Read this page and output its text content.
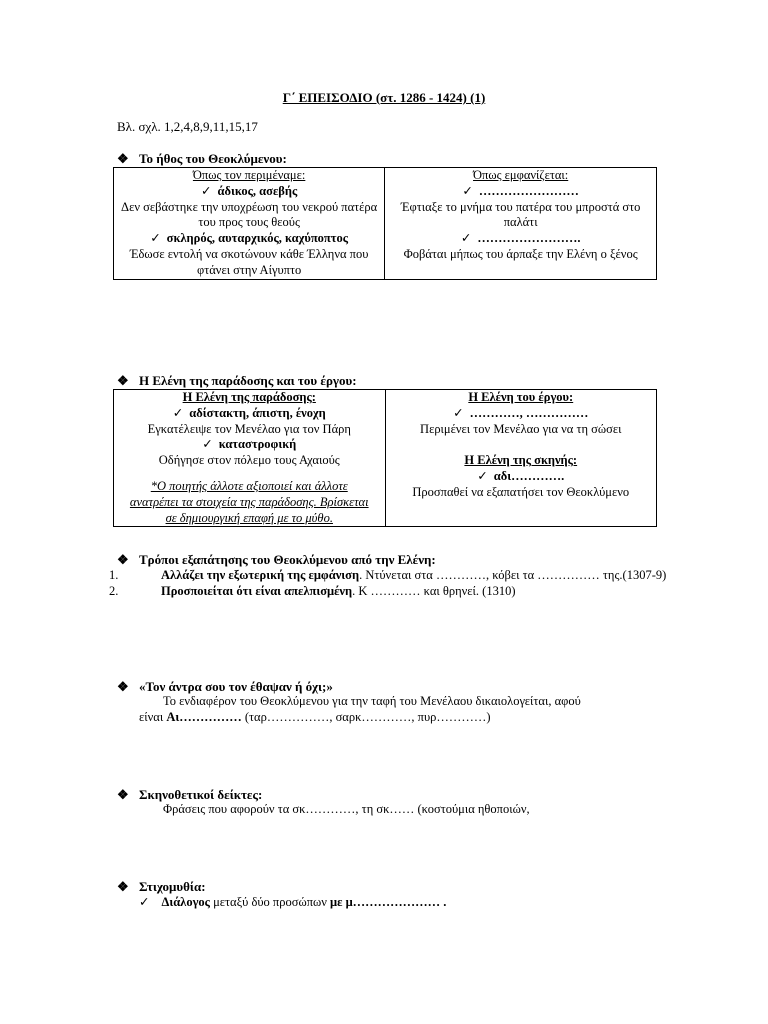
Γ΄ ΕΠΕΙΣΟΔΙΟ (στ. 1286 - 1424) (1)
Βλ. σχλ. 1,2,4,8,9,11,15,17
❖ Το ήθος του Θεοκλύμενου:
Όπως τον περιμέναμε:
✓ άδικος, ασεβής
Δεν σεβάστηκε την υποχρέωση του νεκρού πατέρα του προς τους θεούς
✓ σκληρός, αυταρχικός, καχύποπτος
Έδωσε εντολή να σκοτώνουν κάθε Έλληνα που φτάνει στην Αίγυπτο

Όπως εμφανίζεται:
✓ ……………………
Έφτιαξε το μνήμα του πατέρα του μπροστά στο παλάτι
✓ …………………….
Φοβάται μήπως του άρπαξε την Ελένη ο ξένος
❖ Η Ελένη της παράδοσης και του έργου:
Η Ελένη της παράδοσης:
✓ αδίστακτη, άπιστη, ένοχη
Εγκατέλειψε τον Μενέλαο για τον Πάρη
✓ καταστροφική
Οδήγησε στον πόλεμο τους Αχαιούς
*Ο ποιητής άλλοτε αξιοποιεί και άλλοτε ανατρέπει τα στοιχεία της παράδοσης. Βρίσκεται σε δημιουργική επαφή με το μύθο.

Η Ελένη του έργου:
✓ …………, ……………
Περιμένει τον Μενέλαο για να τη σώσει
Η Ελένη της σκηνής:
✓ αδι………….
Προσπαθεί να εξαπατήσει τον Θεοκλύμενο
❖ Τρόποι εξαπάτησης του Θεοκλύμενου από την Ελένη:
1.	Αλλάζει την εξωτερική της εμφάνιση. Ντύνεται στα …………, κόβει τα …………… της.(1307-9)
2.	Προσποιείται ότι είναι απελπισμένη. Κ ………… και θρηνεί. (1310)
❖ «Τον άντρα σου τον έθαψαν ή όχι;»
Το ενδιαφέρον του Θεοκλύμενου για την ταφή του Μενέλαου δικαιολογείται, αφού
είναι Αι…………… (ταρ……………, σαρκ…………, πυρ…………)
❖ Σκηνοθετικοί δείκτες:
Φράσεις που αφορούν τα σκ…………, τη σκ…… (κοστούμια ηθοποιών,
❖ Στιχομυθία:
✓ Διάλογος μεταξύ δύο προσώπων με μ………………… .
